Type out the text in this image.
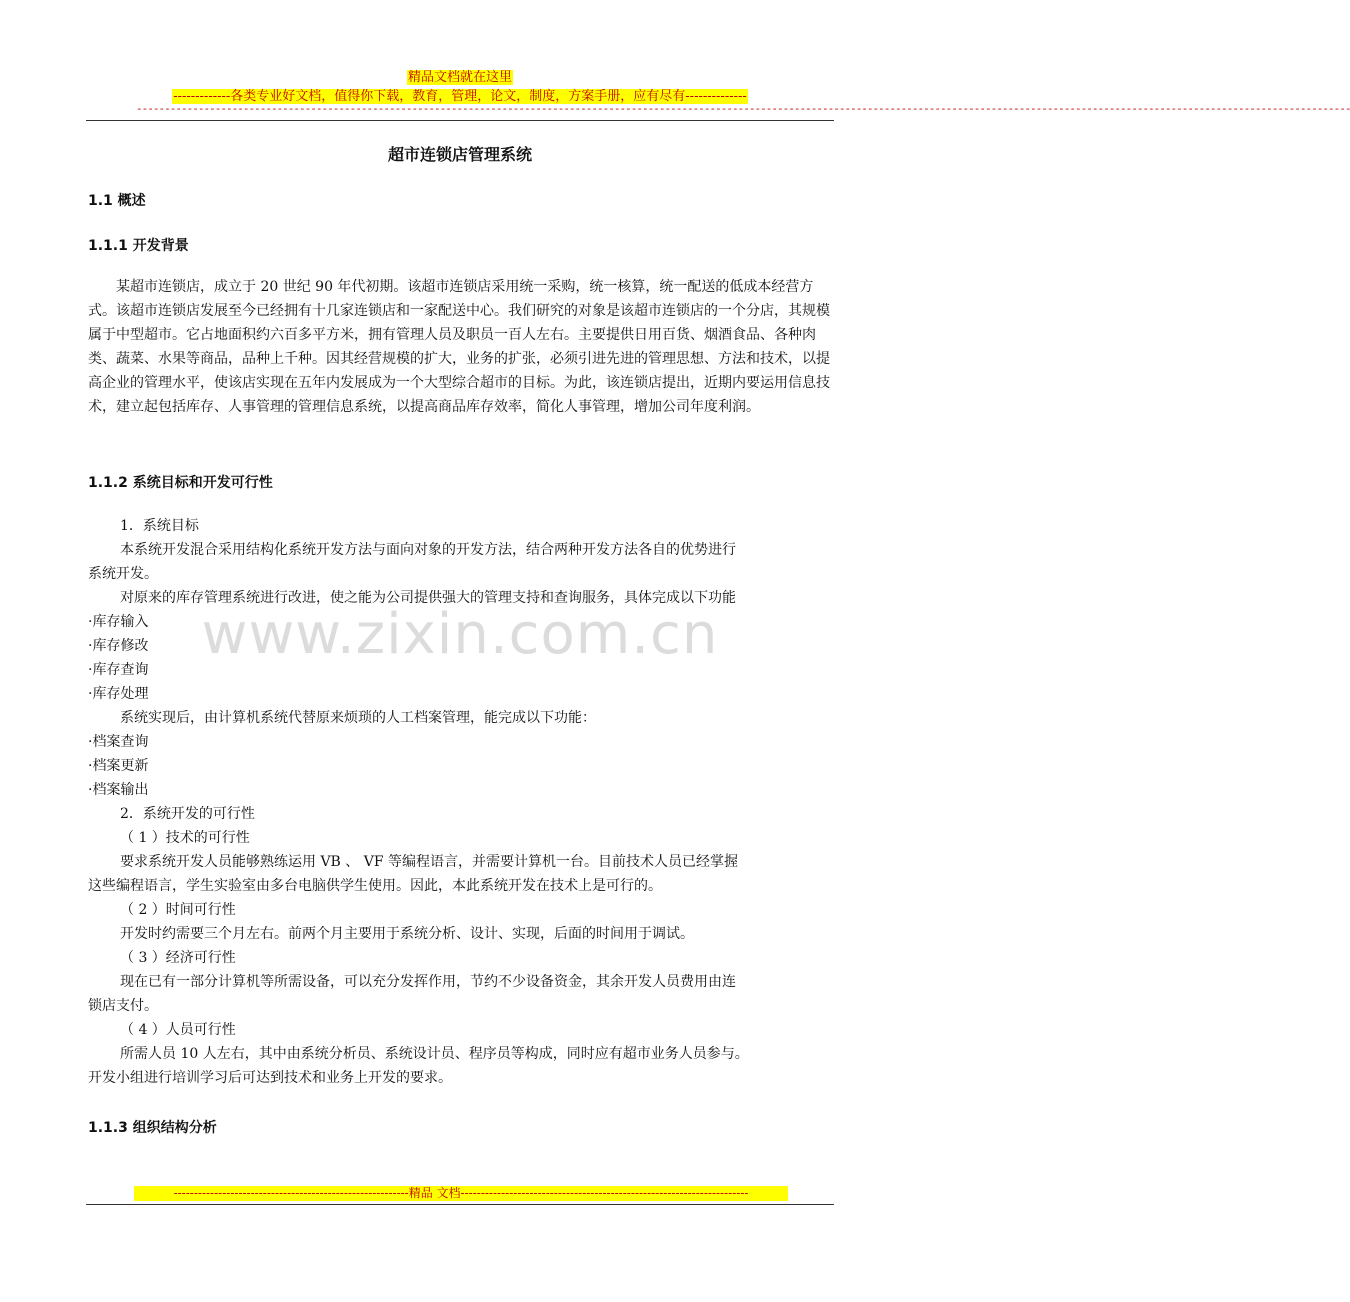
精品文档就在这里
-------------各类专业好文档，值得你下载，教育，管理，论文，制度，方案手册，应有尽有--------------
------------------------------------------------------------------------------------------------------------------------------------------------------------------------------------------------------------------------
超市连锁店管理系统
1.1 概述
1.1.1 开发背景
某超市连锁店，成立于 20 世纪 90 年代初期。该超市连锁店采用统一采购，统一核算，统一配送的低成本经营方式。该超市连锁店发展至今已经拥有十几家连锁店和一家配送中心。我们研究的对象是该超市连锁店的一个分店，其规模属于中型超市。它占地面积约六百多平方米，拥有管理人员及职员一百人左右。主要提供日用百货、烟酒食品、各种肉类、蔬菜、水果等商品，品种上千种。因其经营规模的扩大，业务的扩张，必须引进先进的管理思想、方法和技术，以提高企业的管理水平，使该店实现在五年内发展成为一个大型综合超市的目标。为此，该连锁店提出，近期内要运用信息技术，建立起包括库存、人事管理的管理信息系统，以提高商品库存效率，简化人事管理，增加公司年度利润。
1.1.2 系统目标和开发可行性
1．系统目标
本系统开发混合采用结构化系统开发方法与面向对象的开发方法，结合两种开发方法各自的优势进行
系统开发。
对原来的库存管理系统进行改进，使之能为公司提供强大的管理支持和查询服务，具体完成以下功能
·库存输入
·库存修改
·库存查询
·库存处理
系统实现后，由计算机系统代替原来烦琐的人工档案管理，能完成以下功能：
·档案查询
·档案更新
·档案输出
2．系统开发的可行性
（ 1 ）技术的可行性
要求系统开发人员能够熟练运用 VB 、 VF 等编程语言，并需要计算机一台。目前技术人员已经掌握
这些编程语言，学生实验室由多台电脑供学生使用。因此，本此系统开发在技术上是可行的。
（ 2 ）时间可行性
开发时约需要三个月左右。前两个月主要用于系统分析、设计、实现，后面的时间用于调试。
（ 3 ）经济可行性
现在已有一部分计算机等所需设备，可以充分发挥作用，节约不少设备资金，其余开发人员费用由连
锁店支付。
（ 4 ）人员可行性
所需人员 10 人左右，其中由系统分析员、系统设计员、程序员等构成，同时应有超市业务人员参与。
开发小组进行培训学习后可达到技术和业务上开发的要求。
1.1.3 组织结构分析
www.zixin.com.cn
----------------------------------------------------------精品 文档-----------------------------------------------------------------------
